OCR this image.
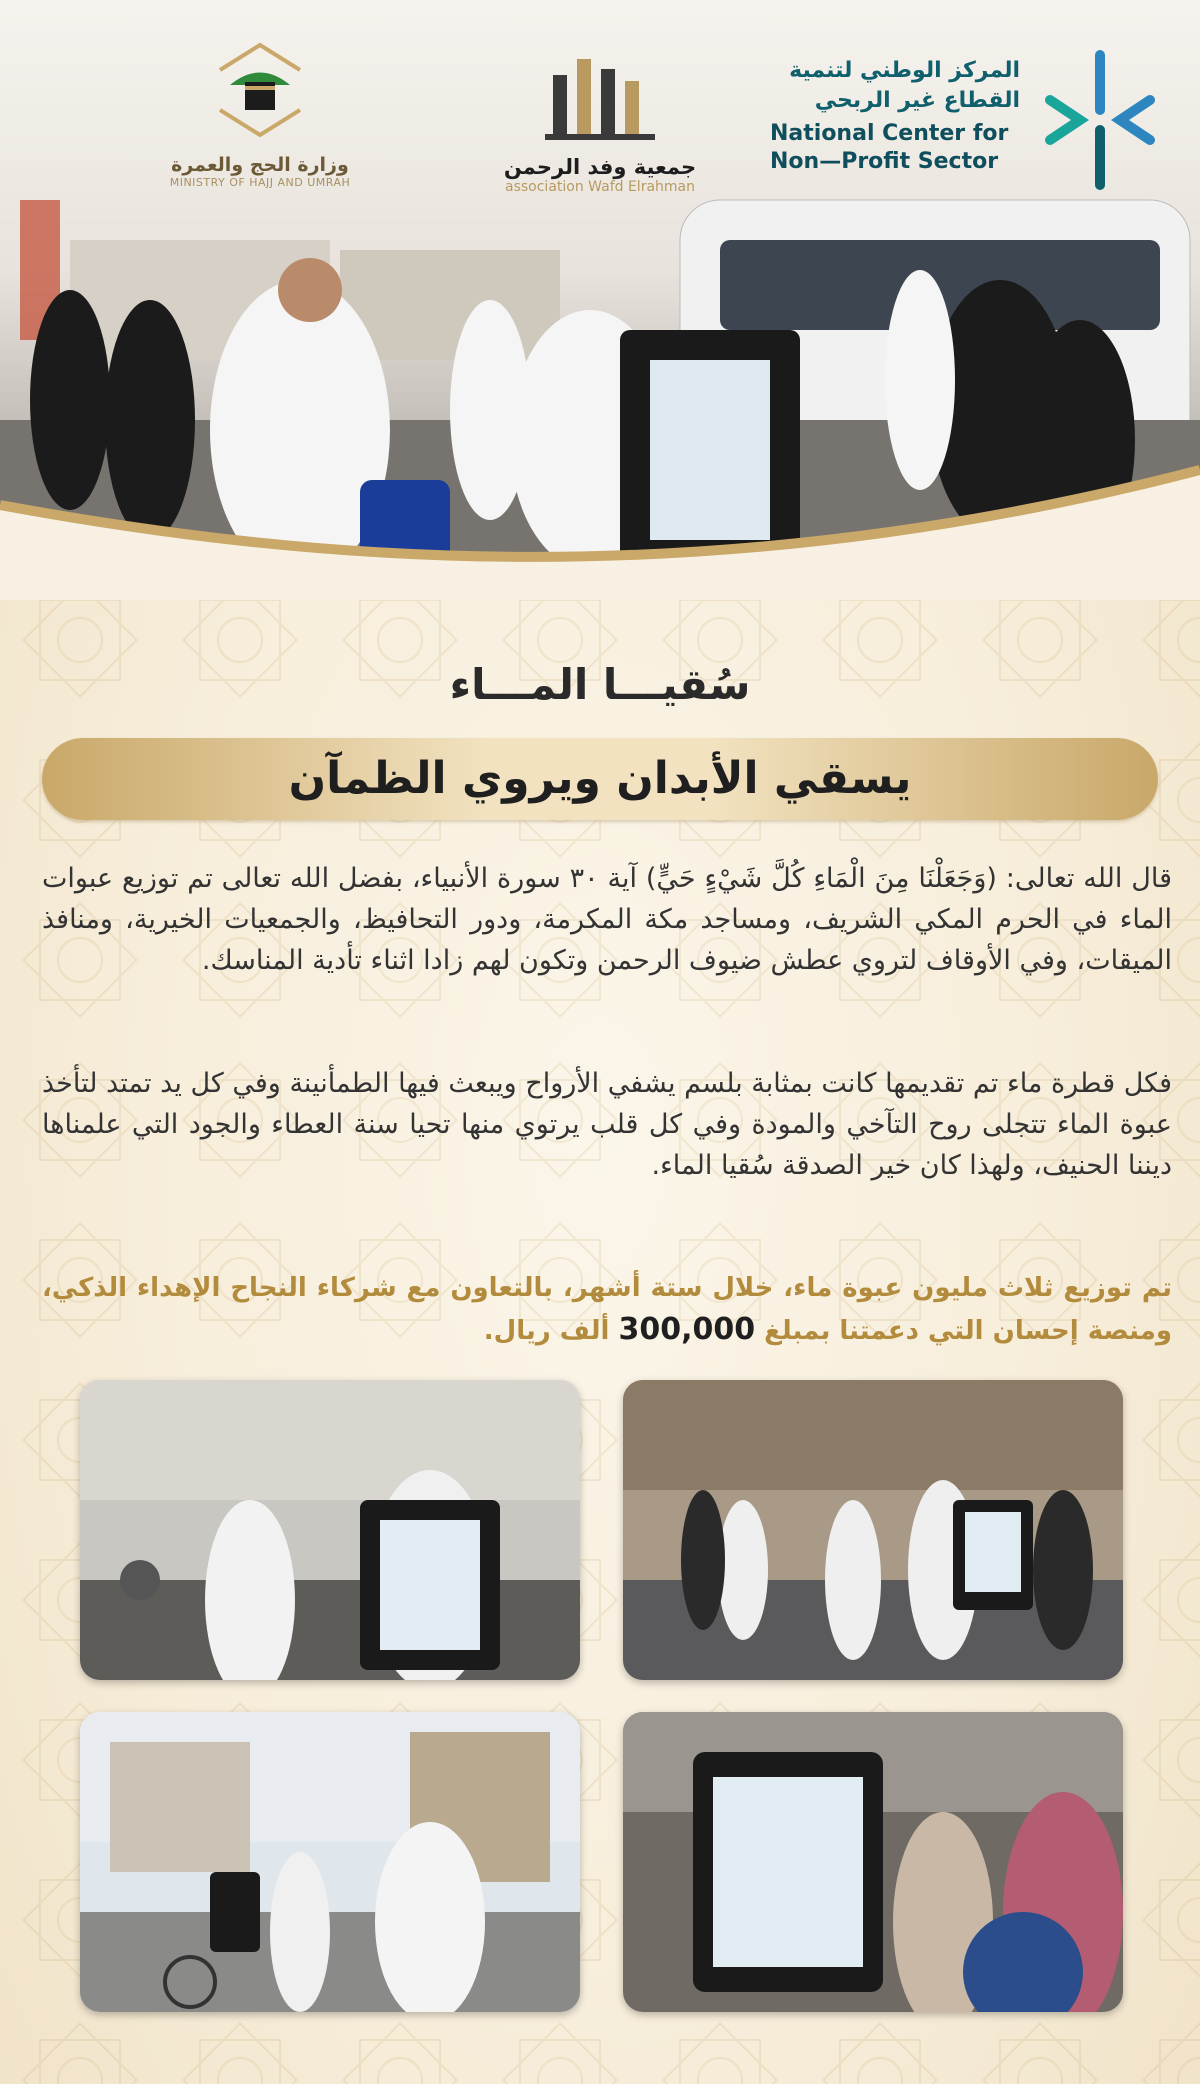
وزارة الحج والعمرة
MINISTRY OF HAJJ AND UMRAH
جمعية وفد الرحمن
association Wafd Elrahman
المركز الوطني لتنمية
القطاع غير الربحي
National Center for
Non—Profit Sector
سُقيـــا المـــاء
يسقي الأبدان ويروي الظمآن
قال الله تعالى: (وَجَعَلْنَا مِنَ الْمَاءِ كُلَّ شَيْءٍ حَيٍّ) آية ٣٠ سورة الأنبياء، بفضل الله تعالى تم توزيع عبوات الماء في الحرم المكي الشريف، ومساجد مكة المكرمة، ودور التحافيظ، والجمعيات الخيرية، ومنافذ الميقات، وفي الأوقاف لتروي عطش ضيوف الرحمن وتكون لهم زادا اثناء تأدية المناسك.
فكل قطرة ماء تم تقديمها كانت بمثابة بلسم يشفي الأرواح ويبعث فيها الطمأنينة وفي كل يد تمتد لتأخذ عبوة الماء تتجلى روح التآخي والمودة وفي كل قلب يرتوي منها تحيا سنة العطاء والجود التي علمناها ديننا الحنيف، ولهذا كان خير الصدقة سُقيا الماء.
تم توزيع ثلاث مليون عبوة ماء، خلال ستة أشهر، بالتعاون مع شركاء النجاح الإهداء الذكي، ومنصة إحسان التي دعمتنا بمبلغ 300,000 ألف ريال.
